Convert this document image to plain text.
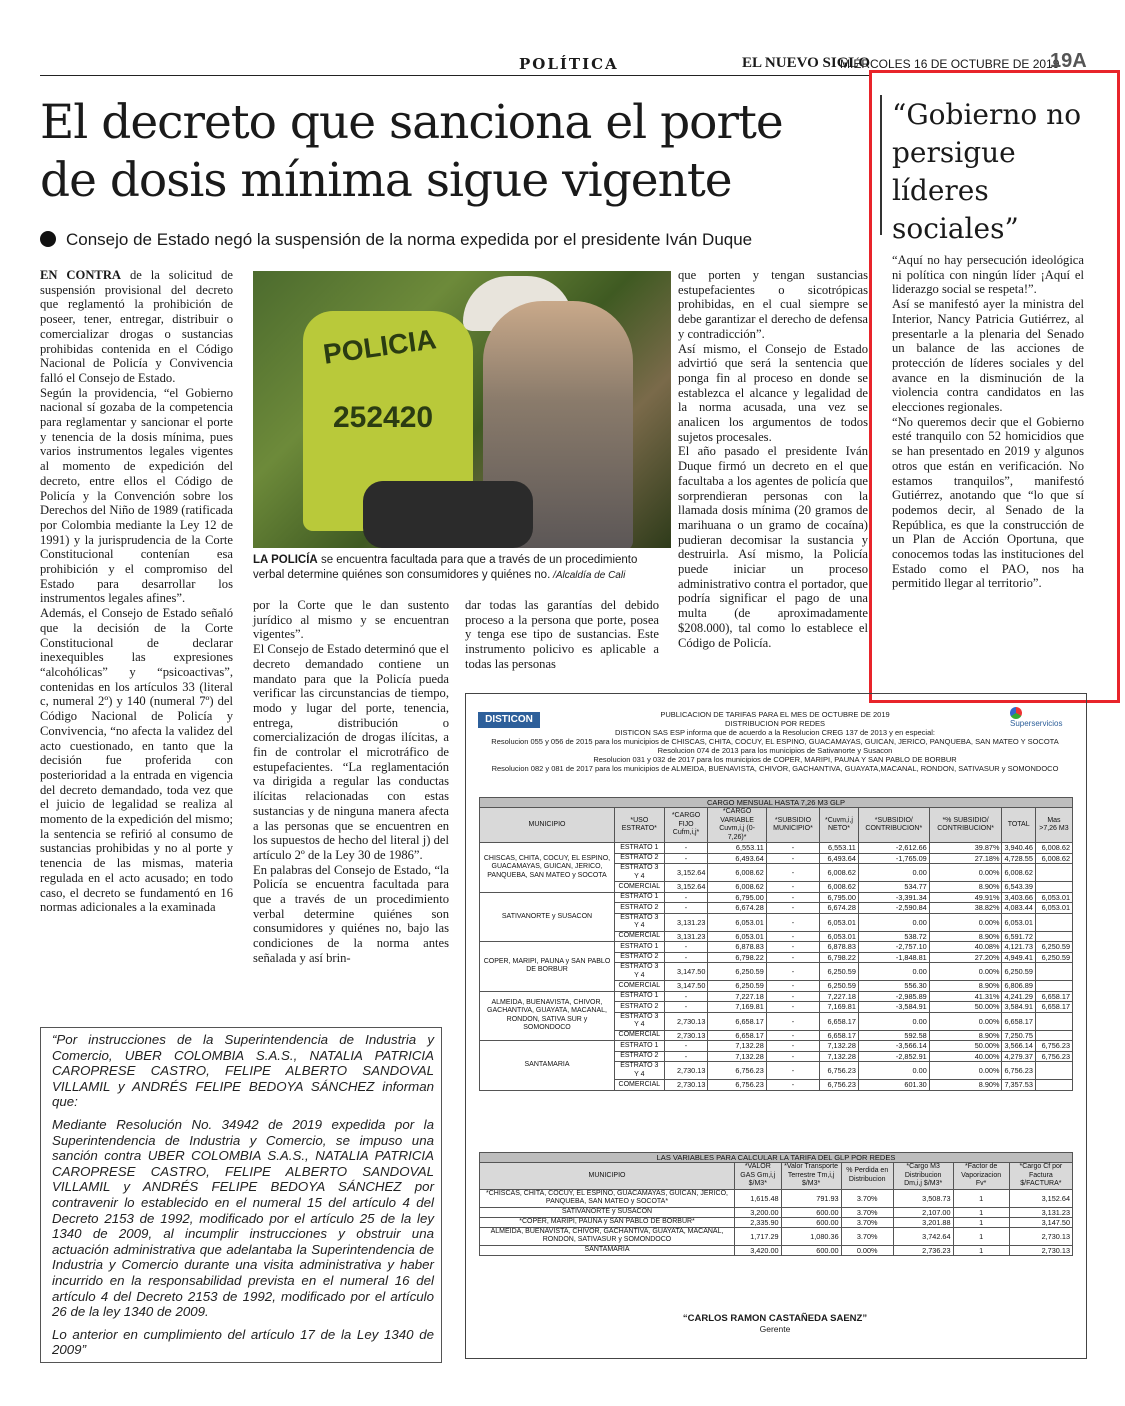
POLÍTICA	EL NUEVO SIGLO
MIÉRCOLES 16 DE OCTUBRE DE 2019
19A
El decreto que sanciona el porte de dosis mínima sigue vigente
Consejo de Estado negó la suspensión de la norma expedida por el presidente Iván Duque
EN CONTRA de la solicitud de suspensión provisional del decreto que reglamentó la prohibición de poseer, tener, entregar, distribuir o comercializar drogas o sustancias prohibidas contenida en el Código Nacional de Policía y Convivencia falló el Consejo de Estado.
Según la providencia, “el Gobierno nacional sí gozaba de la competencia para reglamentar y sancionar el porte y tenencia de la dosis mínima, pues varios instrumentos legales vigentes al momento de expedición del decreto, entre ellos el Código de Policía y la Convención sobre los Derechos del Niño de 1989 (ratificada por Colombia mediante la Ley 12 de 1991) y la jurisprudencia de la Corte Constitucional contenían esa prohibición y el compromiso del Estado para desarrollar los instrumentos legales afines”.
Además, el Consejo de Estado señaló que la decisión de la Corte Constitucional de declarar inexequibles las expresiones “alcohólicas” y “psicoactivas”, contenidas en los artículos 33 (literal c, numeral 2º) y 140 (numeral 7º) del Código Nacional de Policía y Convivencia, “no afecta la validez del acto cuestionado, en tanto que la decisión fue proferida con posterioridad a la entrada en vigencia del decreto demandado, toda vez que el juicio de legalidad se realiza al momento de la expedición del mismo; la sentencia se refirió al consumo de sustancias prohibidas y no al porte y tenencia de las mismas, materia regulada en el acto acusado; en todo caso, el decreto se fundamentó en 16 normas adicionales a la examinada
POLICIA
252420
LA POLICÍA se encuentra facultada para que a través de un procedimiento verbal determine quiénes son consumidores y quiénes no. /Alcaldía de Cali
por la Corte que le dan sustento jurídico al mismo y se encuentran vigentes”.
El Consejo de Estado determinó que el decreto demandado contiene un mandato para que la Policía pueda verificar las circunstancias de tiempo, modo y lugar del porte, tenencia, entrega, distribución o comercialización de drogas ilícitas, a fin de controlar el microtráfico de estupefacientes. “La reglamentación va dirigida a regular las conductas ilícitas relacionadas con estas sustancias y de ninguna manera afecta a las personas que se encuentren en los supuestos de hecho del literal j) del artículo 2º de la Ley 30 de 1986”.
En palabras del Consejo de Estado, “la Policía se encuentra facultada para que a través de un procedimiento verbal determine quiénes son consumidores y quiénes no, bajo las condiciones de la norma antes señalada y así brin-
dar todas las garantías del debido proceso a la persona que porte, posea y tenga ese tipo de sustancias. Este instrumento policivo es aplicable a todas las personas
que porten y tengan sustancias estupefacientes o sicotrópicas prohibidas, en el cual siempre se debe garantizar el derecho de defensa y contradicción”.
Así mismo, el Consejo de Estado advirtió que será la sentencia que ponga fin al proceso en donde se establezca el alcance y legalidad de la norma acusada, una vez se analicen los argumentos de todos sujetos procesales.
El año pasado el presidente Iván Duque firmó un decreto en el que facultaba a los agentes de policía que sorprendieran personas con la llamada dosis mínima (20 gramos de marihuana o un gramo de cocaína) pudieran decomisar la sustancia y destruirla. Así mismo, la Policía puede iniciar un proceso administrativo contra el portador, que podría significar el pago de una multa (de aproximadamente $208.000), tal como lo establece el Código de Policía.
“Gobierno no persigue líderes sociales”
“Aquí no hay persecución ideológica ni política con ningún líder ¡Aquí el liderazgo social se respeta!”.
Así se manifestó ayer la ministra del Interior, Nancy Patricia Gutiérrez, al presentarle a la plenaria del Senado un balance de las acciones de protección de líderes sociales y del avance en la disminución de la violencia contra candidatos en las elecciones regionales.
“No queremos decir que el Gobierno esté tranquilo con 52 homicidios que se han presentado en 2019 y algunos otros que están en verificación. No estamos tranquilos”, manifestó Gutiérrez, anotando que “lo que sí podemos decir, al Senado de la República, es que la construcción de un Plan de Acción Oportuna, que conocemos todas las instituciones del Estado como el PAO, nos ha permitido llegar al territorio”.

“Por instrucciones de la Superintendencia de Industria y Comercio, UBER COLOMBIA S.A.S., NATALIA PATRICIA CAROPRESE CASTRO, FELIPE ALBERTO SANDOVAL VILLAMIL y ANDRÉS FELIPE BEDOYA SÁNCHEZ informan que:

Mediante Resolución No. 34942 de 2019 expedida por la Superintendencia de Industria y Comercio, se impuso una sanción contra UBER COLOMBIA S.A.S., NATALIA PATRICIA CAROPRESE CASTRO, FELIPE ALBERTO SANDOVAL VILLAMIL y ANDRÉS FELIPE BEDOYA SÁNCHEZ por contravenir lo establecido en el numeral 15 del artículo 4 del Decreto 2153 de 1992, modificado por el artículo 25 de la ley 1340 de 2009, al incumplir instrucciones y obstruir una actuación administrativa que adelantaba la Superintendencia de Industria y Comercio durante una visita administrativa y haber incurrido en la responsabilidad prevista en el numeral 16 del artículo 4 del Decreto 2153 de 1992, modificado por el artículo 26 de la ley 1340 de 2009.

Lo anterior en cumplimiento del artículo 17 de la Ley 1340 de 2009”

DISTICON	Superservicios
PUBLICACION DE TARIFAS PARA EL MES DE OCTUBRE DE 2019
DISTRIBUCION POR REDES
DISTICON SAS ESP informa que de acuerdo a la Resolucion CREG 137 de 2013 y en especial:
Resolucion 055 y 056 de 2015 para los municipios de CHISCAS, CHITA, COCUY, EL ESPINO, GUACAMAYAS, GUICAN, JERICO, PANQUEBA, SAN MATEO Y SOCOTA
Resolucion 074 de 2013 para los municipios de Sativanorte y Susacon
Resolucion 031 y 032 de 2017 para los municipios de COPER, MARIPI, PAUNA Y SAN PABLO DE BORBUR
Resolucion 082 y 081 de 2017 para los municipios de ALMEIDA, BUENAVISTA, CHIVOR, GACHANTIVA, GUAYATA,MACANAL, RONDON, SATIVASUR y SOMONDOCO
CARGO MENSUAL HASTA 7,26 M3 GLP									
MUNICIPIO	*USO ESTRATO*	*CARGO FIJO Cufm,i,j*	*CARGO VARIABLE Cuvm,i,j (0-7,26)*	*SUBSIDIO MUNICIPIO*	*Cuvm,i,j NETO*	*SUBSIDIO/ CONTRIBUCION*	*% SUBSIDIO/ CONTRIBUCION*	TOTAL	Mas >7,26 M3
CHISCAS, CHITA, COCUY, EL ESPINO, GUACAMAYAS, GUICAN, JERICO, PANQUEBA, SAN MATEO y SOCOTA	ESTRATO 1	-	6,553.11	-	6,553.11	-2,612.66	39.87%	3,940.46	6,008.62
	ESTRATO 2	-	6,493.64	-	6,493.64	-1,765.09	27.18%	4,728.55	6,008.62
	ESTRATO 3 Y 4	3,152.64	6,008.62	-	6,008.62	0.00	0.00%	6,008.62	
	COMERCIAL	3,152.64	6,008.62	-	6,008.62	534.77	8.90%	6,543.39	
SATIVANORTE y SUSACON	ESTRATO 1	-	6,795.00	-	6,795.00	-3,391.34	49.91%	3,403.66	6,053.01
	ESTRATO 2	-	6,674.28	-	6,674.28	-2,590.84	38.82%	4,083.44	6,053.01
	ESTRATO 3 Y 4	3,131.23	6,053.01	-	6,053.01	0.00	0.00%	6,053.01	
	COMERCIAL	3,131.23	6,053.01	-	6,053.01	538.72	8.90%	6,591.72	
COPER, MARIPI, PAUNA y SAN PABLO DE BORBUR	ESTRATO 1	-	6,878.83	-	6,878.83	-2,757.10	40.08%	4,121.73	6,250.59
	ESTRATO 2	-	6,798.22	-	6,798.22	-1,848.81	27.20%	4,949.41	6,250.59
	ESTRATO 3 Y 4	3,147.50	6,250.59	-	6,250.59	0.00	0.00%	6,250.59	
	COMERCIAL	3,147.50	6,250.59	-	6,250.59	556.30	8.90%	6,806.89	
ALMEIDA, BUENAVISTA, CHIVOR, GACHANTIVA, GUAYATA, MACANAL, RONDON, SATIVA SUR y SOMONDOCO	ESTRATO 1	-	7,227.18	-	7,227.18	-2,985.89	41.31%	4,241.29	6,658.17
	ESTRATO 2	-	7,169.81	-	7,169.81	-3,584.91	50.00%	3,584.91	6,658.17
	ESTRATO 3 Y 4	2,730.13	6,658.17	-	6,658.17	0.00	0.00%	6,658.17	
	COMERCIAL	2,730.13	6,658.17	-	6,658.17	592.58	8.90%	7,250.75	
SANTAMARIA	ESTRATO 1	-	7,132.28	-	7,132.28	-3,566.14	50.00%	3,566.14	6,756.23
	ESTRATO 2	-	7,132.28	-	7,132.28	-2,852.91	40.00%	4,279.37	6,756.23
	ESTRATO 3 Y 4	2,730.13	6,756.23	-	6,756.23	0.00	0.00%	6,756.23	
	COMERCIAL	2,730.13	6,756.23	-	6,756.23	601.30	8.90%	7,357.53	
LAS VARIABLES PARA CALCULAR LA TARIFA DEL GLP POR REDES						
MUNICIPIO	*VALOR GAS Gm,i,j $/M3*	*Valor Transporte Terrestre Tm,i,j $/M3*	% Perdida en Distribucion	*Cargo M3 Distribucion Dm,i,j $/M3*	*Factor de Vaporizacion Fv*	*Cargo Cf por Factura $/FACTURA*
*CHISCAS, CHITA, COCUY, EL ESPINO, GUACAMAYAS, GUICAN, JERICO, PANQUEBA, SAN MATEO y SOCOTA*	1,615.48	791.93	3.70%	3,508.73	1	3,152.64
SATIVANORTE y SUSACON	3,200.00	600.00	3.70%	2,107.00	1	3,131.23
*COPER, MARIPI, PAUNA y SAN PABLO DE BORBUR*	2,335.90	600.00	3.70%	3,201.88	1	3,147.50
ALMEIDA, BUENAVISTA, CHIVOR, GACHANTIVA, GUAYATA, MACANAL, RONDON, SATIVASUR y SOMONDOCO	1,717.29	1,080.36	3.70%	3,742.64	1	2,730.13
SANTAMARIA	3,420.00	600.00	0.00%	2,736.23	1	2,730.13
“CARLOS RAMON CASTAÑEDA SAENZ”
Gerente
